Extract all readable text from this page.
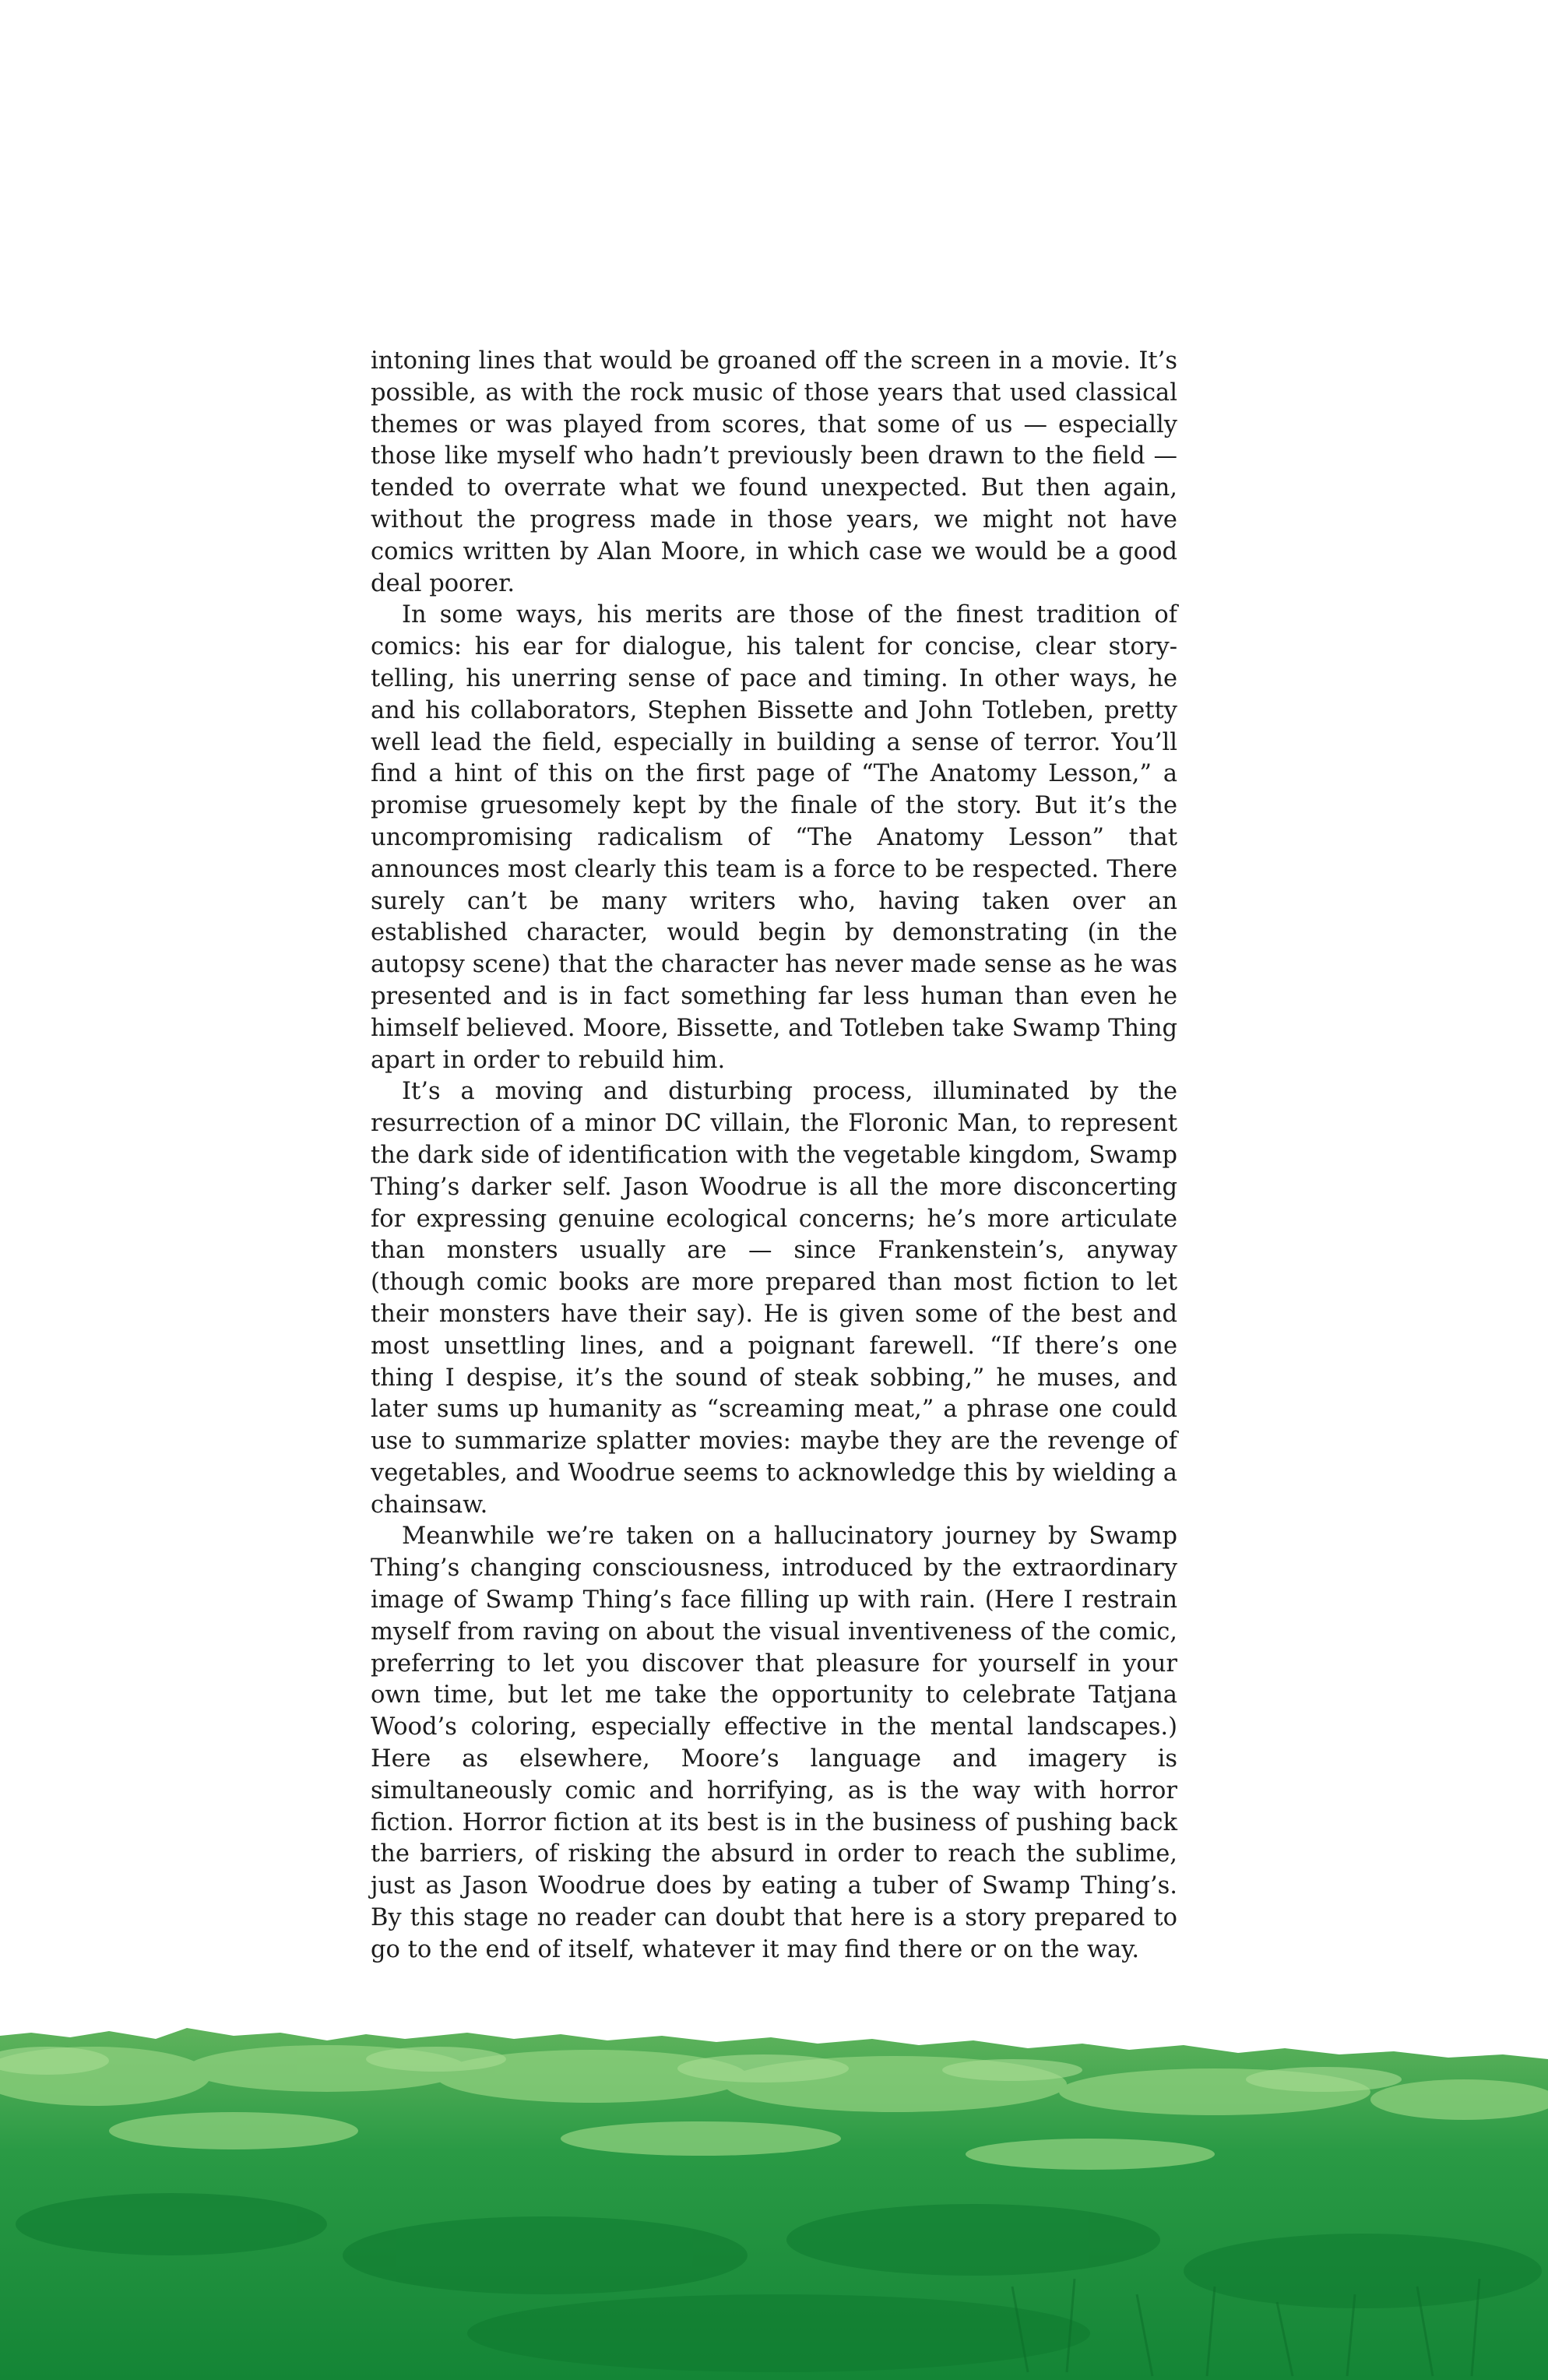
intoning lines that would be groaned off the screen in a movie. It’s possible, as with the rock music of those years that used classical themes or was played from scores, that some of us — especially those like myself who hadn’t previously been drawn to the field — tended to overrate what we found unexpected. But then again, without the progress made in those years, we might not have comics written by Alan Moore, in which case we would be a good deal poorer.

In some ways, his merits are those of the finest tradition of comics: his ear for dialogue, his talent for concise, clear story-telling, his unerring sense of pace and timing. In other ways, he and his collaborators, Stephen Bissette and John Totleben, pretty well lead the field, especially in building a sense of terror. You’ll find a hint of this on the first page of “The Anatomy Lesson,” a promise gruesomely kept by the finale of the story. But it’s the uncompromising radicalism of “The Anatomy Lesson” that announces most clearly this team is a force to be respected. There surely can’t be many writers who, having taken over an established character, would begin by demonstrating (in the autopsy scene) that the character has never made sense as he was presented and is in fact something far less human than even he himself believed. Moore, Bissette, and Totleben take Swamp Thing apart in order to rebuild him.

It’s a moving and disturbing process, illuminated by the resurrection of a minor DC villain, the Floronic Man, to represent the dark side of identification with the vegetable kingdom, Swamp Thing’s darker self. Jason Woodrue is all the more disconcerting for expressing genuine ecological concerns; he’s more articulate than monsters usually are — since Frankenstein’s, anyway (though comic books are more prepared than most fiction to let their monsters have their say). He is given some of the best and most unsettling lines, and a poignant farewell. “If there’s one thing I despise, it’s the sound of steak sobbing,” he muses, and later sums up humanity as “screaming meat,” a phrase one could use to summarize splatter movies: maybe they are the revenge of vegetables, and Woodrue seems to acknowledge this by wielding a chainsaw.

Meanwhile we’re taken on a hallucinatory journey by Swamp Thing’s changing consciousness, introduced by the extraordinary image of Swamp Thing’s face filling up with rain. (Here I restrain myself from raving on about the visual inventiveness of the comic, preferring to let you discover that pleasure for yourself in your own time, but let me take the opportunity to celebrate Tatjana Wood’s coloring, especially effective in the mental landscapes.) Here as elsewhere, Moore’s language and imagery is simultaneously comic and horrifying, as is the way with horror fiction. Horror fiction at its best is in the business of pushing back the barriers, of risking the absurd in order to reach the sublime, just as Jason Woodrue does by eating a tuber of Swamp Thing’s. By this stage no reader can doubt that here is a story prepared to go to the end of itself, whatever it may find there or on the way.
